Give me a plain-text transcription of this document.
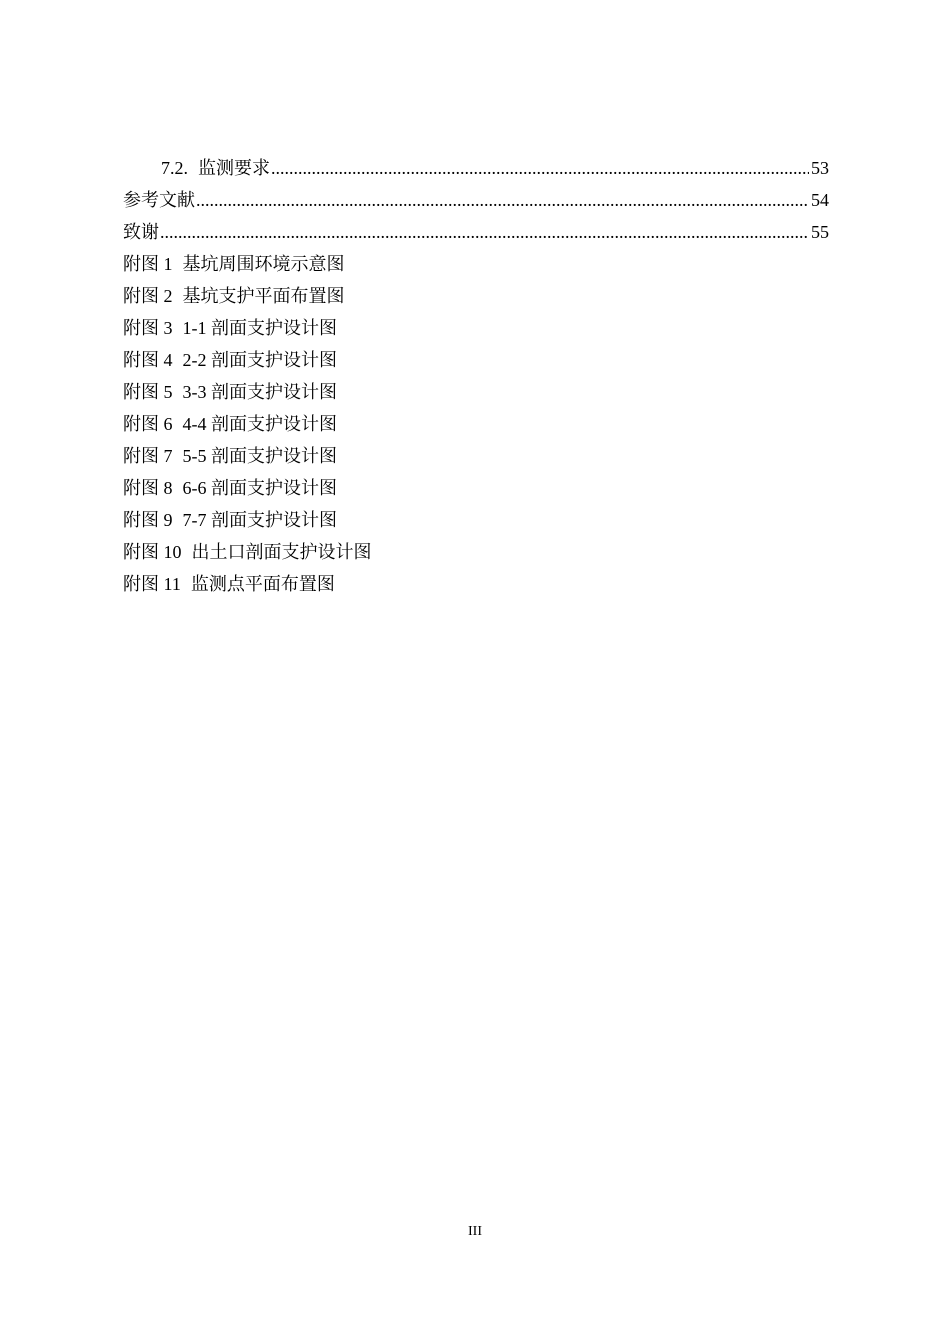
7.2. 监测要求 .....	53
参考文献 .....	54
致谢 .....	55
附图 1 基坑周围环境示意图
附图 2 基坑支护平面布置图
附图 3 1-1 剖面支护设计图
附图 4 2-2 剖面支护设计图
附图 5 3-3 剖面支护设计图
附图 6 4-4 剖面支护设计图
附图 7 5-5 剖面支护设计图
附图 8 6-6 剖面支护设计图
附图 9 7-7 剖面支护设计图
附图 10 出土口剖面支护设计图
附图 11 监测点平面布置图
III
